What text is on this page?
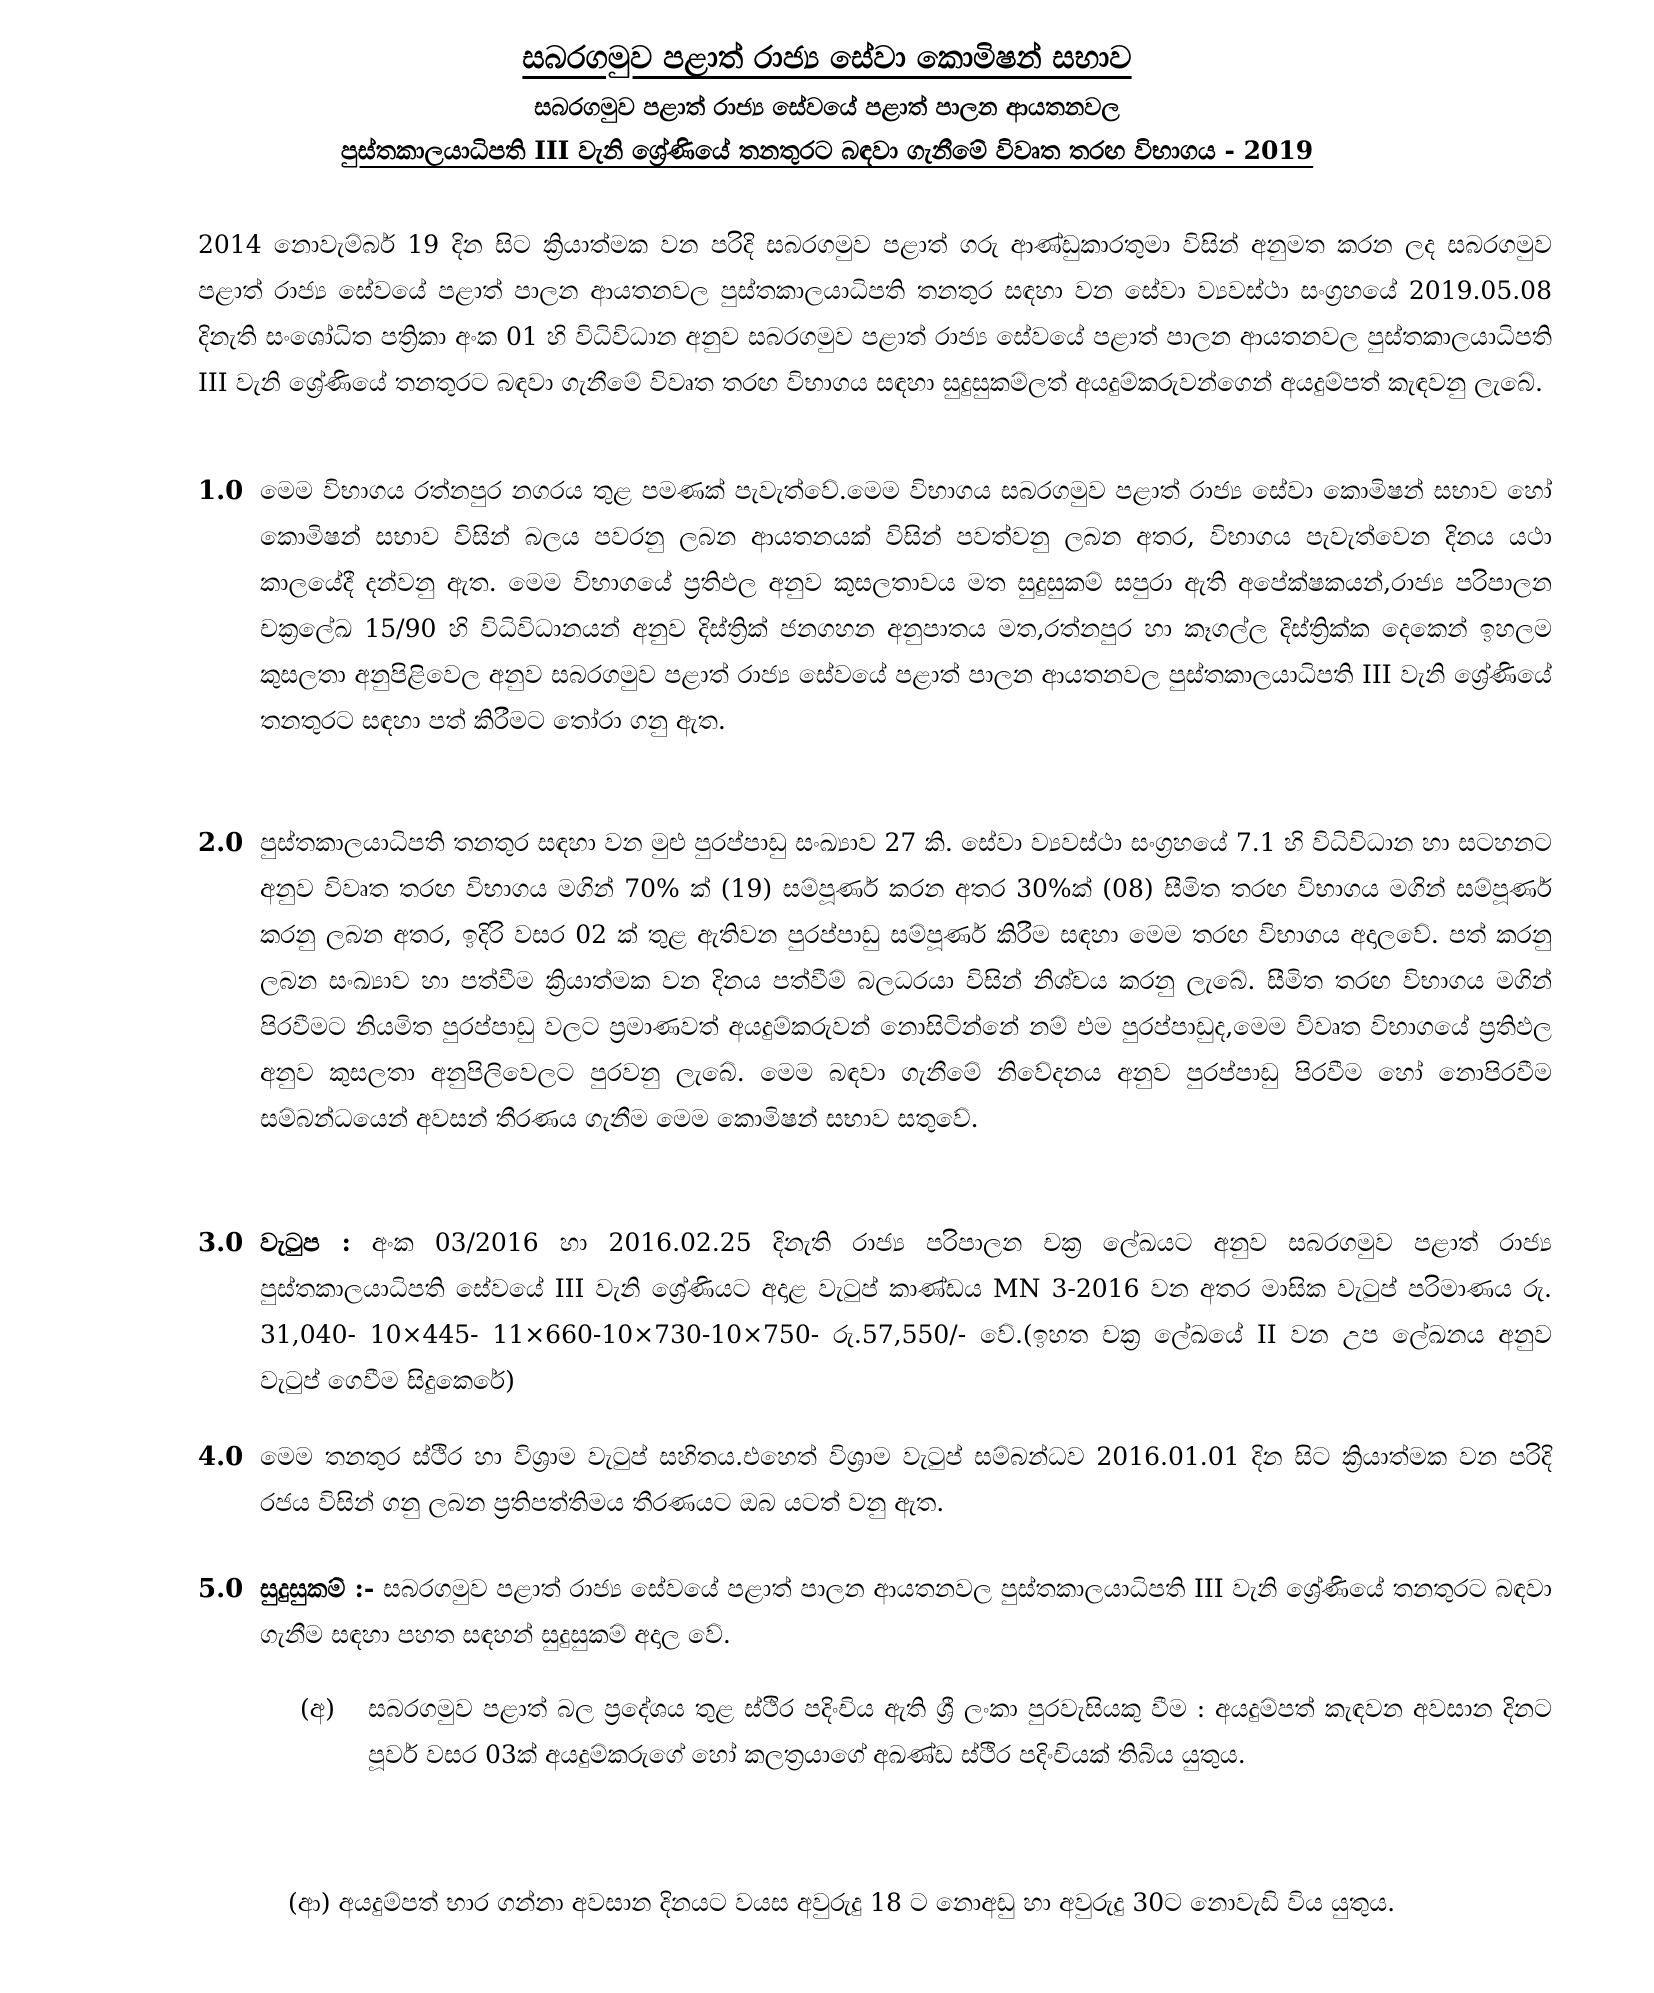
සබරගමුව පළාත් රාජ්‍ය සේවා කොමිෂන් සභාව
සබරගමුව පළාත් රාජ්‍ය සේවයේ පළාත් පාලන ආයතනවල
පුස්තකාලයාධිපති III වැනි ශ්‍රේණියේ තනතුරට බඳවා ගැනීමේ විවෘත තරඟ විභාගය - 2019

2014 නොවැම්බර් 19 දින සිට ක්‍රියාත්මක වන පරිදි සබරගමුව පළාත් ගරු ආණ්ඩුකාරතුමා විසින් අනුමත කරන ලද සබරගමුව පළාත් රාජ්‍ය සේවයේ පළාත් පාලන ආයතනවල පුස්තකාලයාධිපති තනතුර සඳහා වන සේවා ව්‍යවස්ථා සංග්‍රහයේ 2019.05.08 දිනැති සංශෝධිත පත්‍රිකා අංක 01 හි විධිවිධාන අනුව සබරගමුව පළාත් රාජ්‍ය සේවයේ පළාත් පාලන ආයතනවල පුස්තකාලයාධිපති III වැනි ශ්‍රේණියේ තනතුරට බඳවා ගැනීමේ විවෘත තරඟ විභාගය සඳහා සුදුසුකම්ලත් අයදුම්කරුවන්ගෙන් අයදුම්පත් කැඳවනු ලැබේ.

1.0 මෙම විභාගය රත්නපුර නගරය තුළ පමණක් පැවැත්වේ.මෙම විභාගය සබරගමුව පළාත් රාජ්‍ය සේවා කොමිෂන් සභාව හෝ කොමිෂන් සභාව විසින් බලය පවරනු ලබන ආයතනයක් විසින් පවත්වනු ලබන අතර, විභාගය පැවැත්වෙන දිනය යථා කාලයේදී දන්වනු ඇත. මෙම විභාගයේ ප්‍රතිඵල අනුව කුසලතාවය මත සුදුසුකම් සපුරා ඇති අපේක්ෂකයන්,රාජ්‍ය පරිපාලන චක්‍රලේඛ 15/90 හි විධිවිධානයන් අනුව දිස්ත්‍රික් ජනගහන අනුපාතය මත,රත්නපුර හා කෑගල්ල දිස්ත්‍රික්ක දෙකෙන් ඉහලම කුසලතා අනුපිළිවෙල අනුව සබරගමුව පළාත් රාජ්‍ය සේවයේ පළාත් පාලන ආයතනවල පුස්තකාලයාධිපති III වැනි ශ්‍රේණියේ තනතුරට සඳහා පත් කිරීමට තෝරා ගනු ඇත.
2.0 පුස්තකාලයාධිපති තනතුර සඳහා වන මුළු පුරප්පාඩු සංඛ්‍යාව 27 කි. සේවා ව්‍යවස්ථා සංග්‍රහයේ 7.1 හි විධිවිධාන හා සටහනට අනුව විවෘත තරඟ විභාගය මගින් 70% ක් (19) සම්පූර්ණ කරන අතර 30%ක් (08) සීමිත තරඟ විභාගය මගින් සම්පූර්ණ කරනු ලබන අතර, ඉදිරි වසර 02 ක් තුළ ඇතිවන පුරප්පාඩු සම්පූර්ණ කිරීම සඳහා මෙම තරඟ විභාගය අදාලවේ. පත් කරනු ලබන සංඛ්‍යාව හා පත්වීම ක්‍රියාත්මක වන දිනය පත්වීම් බලධරයා විසින් නිශ්චය කරනු ලැබේ. සීමිත තරඟ විභාගය මගින් පිරවීමට නියමිත පුරප්පාඩු වලට ප්‍රමාණවත් අයදුම්කරුවන් නොසිටින්නේ නම් එම පුරප්පාඩුද,මෙම විවෘත විභාගයේ ප්‍රතිඵල අනුව කුසලතා අනුපිලිවෙලට පුරවනු ලැබේ. මෙම බඳවා ගැනීමේ නිවේදනය අනුව පුරප්පාඩු පිරවීම හෝ නොපිරවීම සම්බන්ධයෙන් අවසන් තීරණය ගැනීම මෙම කොමිෂන් සභාව සතුවේ.
3.0 වැටුප : අංක 03/2016 හා 2016.02.25 දිනැති රාජ්‍ය පරිපාලන චක්‍ර ලේඛයට අනුව සබරගමුව පළාත් රාජ්‍ය පුස්තකාලයාධිපති සේවයේ III වැනි ශ්‍රේණියට අදාළ වැටුප් කාණ්ඩය MN 3-2016 වන අතර මාසික වැටුප් පරිමාණය රු. 31,040- 10×445- 11×660-10×730-10×750- රු.57,550/- වේ.(ඉහත චක්‍ර ලේඛයේ II වන උප ලේඛනය අනුව වැටුප් ගෙවීම සිදුකෙරේ)
4.0 මෙම තනතුර ස්ථිර හා විශ්‍රාම වැටුප් සහිතය.එහෙත් විශ්‍රාම වැටුප් සම්බන්ධව 2016.01.01 දින සිට ක්‍රියාත්මක වන පරිදි රජය විසින් ගනු ලබන ප්‍රතිපත්තිමය තීරණයට ඔබ යටත් වනු ඇත.
5.0 සුදුසුකම් :- සබරගමුව පළාත් රාජ්‍ය සේවයේ පළාත් පාලන ආයතනවල පුස්තකාලයාධිපති III වැනි ශ්‍රේණියේ තනතුරට බඳවා ගැනීම සඳහා පහත සඳහන් සුදුසුකම් අදාල වේ.
(අ) සබරගමුව පළාත් බල ප්‍රදේශය තුළ ස්ථිර පදිංචිය ඇති ශ්‍රී ලංකා පුරවැසියකු වීම : අයදුම්පත් කැඳවන අවසාන දිනට පූර්ව වසර 03ක් අයදුම්කරුගේ හෝ කලත්‍රයාගේ අඛණ්ඩ ස්ථිර පදිංචියක් තිබිය යුතුය.
(ආ) අයදුම්පත් භාර ගන්නා අවසාන දිනයට වයස අවුරුදු 18 ට නොඅඩු හා අවුරුදු 30ට නොවැඩි විය යුතුය.
